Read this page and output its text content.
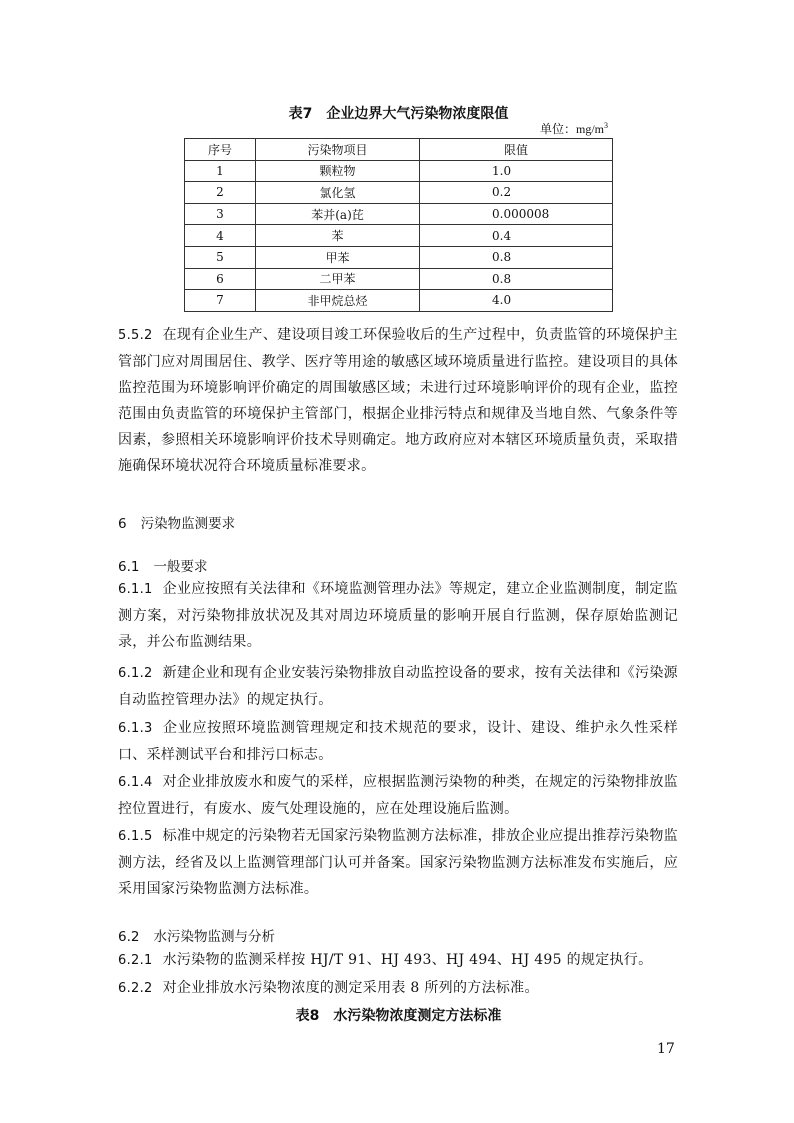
表7　企业边界大气污染物浓度限值
单位：$mg/m^3$
序号	污染物项目	限值
1	颗粒物	1.0
2	氯化氢	0.2
3	苯并(a)芘	0.000008
4	苯	0.4
5	甲苯	0.8
6	二甲苯	0.8
7	非甲烷总烃	4.0

5.5.2 在现有企业生产、建设项目竣工环保验收后的生产过程中，负责监管的环境保护主管部门应对周围居住、教学、医疗等用途的敏感区域环境质量进行监控。建设项目的具体监控范围为环境影响评价确定的周围敏感区域；未进行过环境影响评价的现有企业，监控范围由负责监管的环境保护主管部门，根据企业排污特点和规律及当地自然、气象条件等因素，参照相关环境影响评价技术导则确定。地方政府应对本辖区环境质量负责，采取措施确保环境状况符合环境质量标准要求。

6 污染物监测要求
6.1 一般要求

6.1.1 企业应按照有关法律和《环境监测管理办法》等规定，建立企业监测制度，制定监测方案，对污染物排放状况及其对周边环境质量的影响开展自行监测，保存原始监测记录，并公布监测结果。

6.1.2 新建企业和现有企业安装污染物排放自动监控设备的要求，按有关法律和《污染源自动监控管理办法》的规定执行。

6.1.3 企业应按照环境监测管理规定和技术规范的要求，设计、建设、维护永久性采样口、采样测试平台和排污口标志。

6.1.4 对企业排放废水和废气的采样，应根据监测污染物的种类，在规定的污染物排放监控位置进行，有废水、废气处理设施的，应在处理设施后监测。

6.1.5 标准中规定的污染物若无国家污染物监测方法标准，排放企业应提出推荐污染物监测方法，经省及以上监测管理部门认可并备案。国家污染物监测方法标准发布实施后，应采用国家污染物监测方法标准。

6.2 水污染物监测与分析

6.2.1 水污染物的监测采样按 HJ/T 91、HJ 493、HJ 494、HJ 495 的规定执行。

6.2.2 对企业排放水污染物浓度的测定采用表 8 所列的方法标准。

表8　水污染物浓度测定方法标准
17
